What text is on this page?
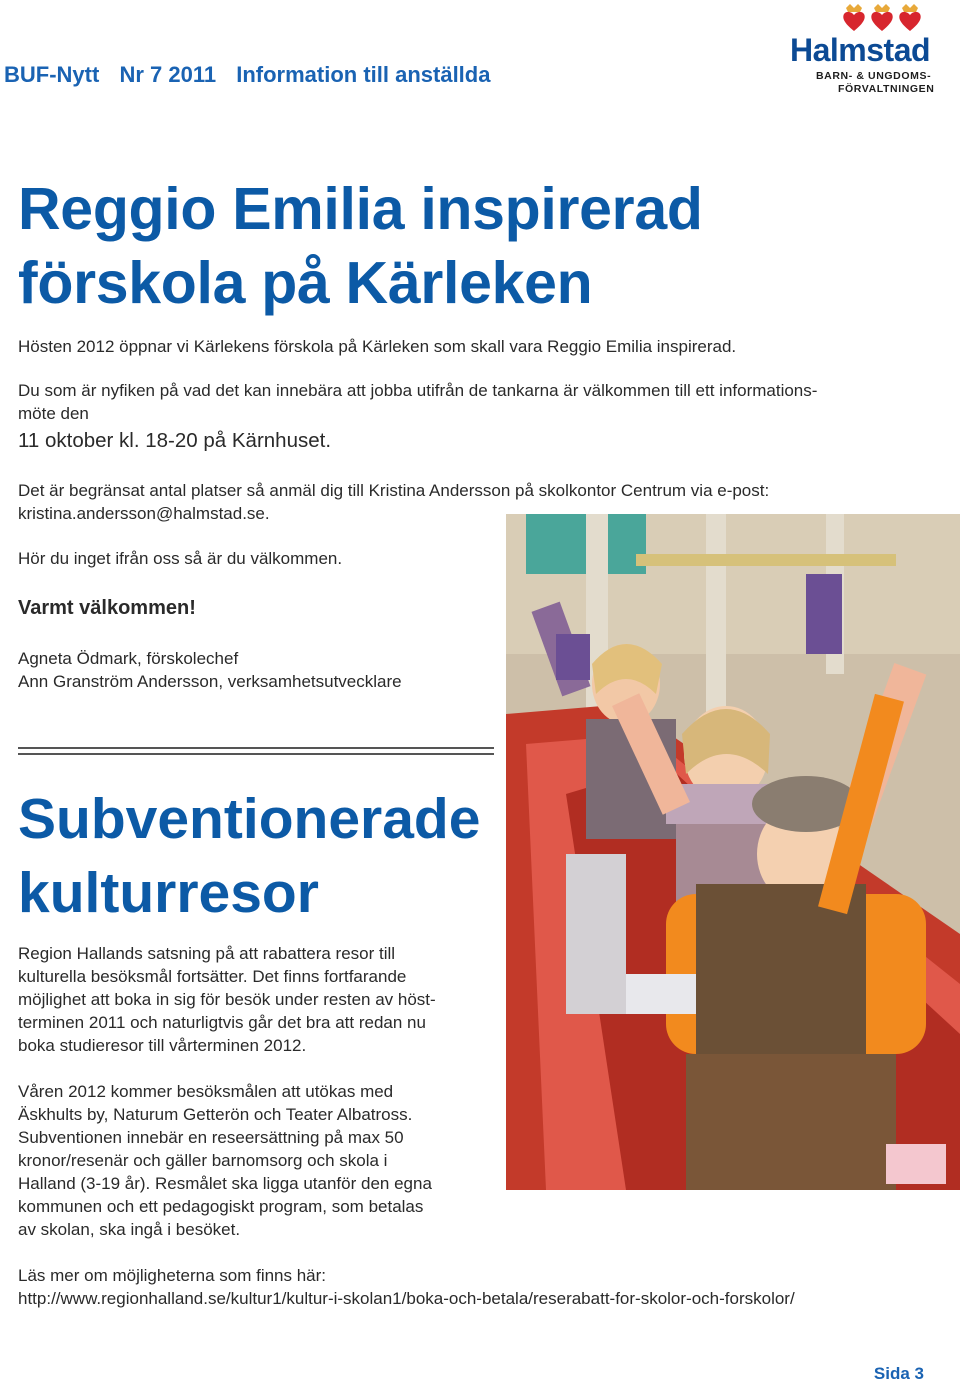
BUF-Nytt Nr 7 2011 Information till anställda
Halmstad
BARN- & UNGDOMS-
FÖRVALTNINGEN
Reggio Emilia inspirerad
förskola på Kärleken
Hösten 2012 öppnar vi Kärlekens förskola på Kärleken som skall vara Reggio Emilia inspirerad.
Du som är nyfiken på vad det kan innebära att jobba utifrån de tankarna är välkommen till ett informations-
möte den
11 oktober kl. 18-20 på Kärnhuset.
Det är begränsat antal platser så anmäl dig till Kristina Andersson på skolkontor Centrum via e-post:
kristina.andersson@halmstad.se.
Hör du inget ifrån oss så är du välkommen.
Varmt välkommen!
Agneta Ödmark, förskolechef
Ann Granström Andersson, verksamhetsutvecklare
Subventionerade
kulturresor
Region Hallands satsning på att rabattera resor till
kulturella besöksmål fortsätter. Det finns fortfarande
möjlighet att boka in sig för besök under resten av höst-
terminen 2011 och naturligtvis går det bra att redan nu
boka studieresor till vårterminen 2012.
Våren 2012 kommer besöksmålen att utökas med
Äskhults by, Naturum Getterön och Teater Albatross.
Subventionen innebär en reseersättning på max 50
kronor/resenär och gäller barnomsorg och skola i
Halland (3-19 år). Resmålet ska ligga utanför den egna
kommunen och ett pedagogiskt program, som betalas
av skolan, ska ingå i besöket.
Läs mer om möjligheterna som finns här:
http://www.regionhalland.se/kultur1/kultur-i-skolan1/boka-och-betala/reserabatt-for-skolor-och-forskolor/
Sida 3
